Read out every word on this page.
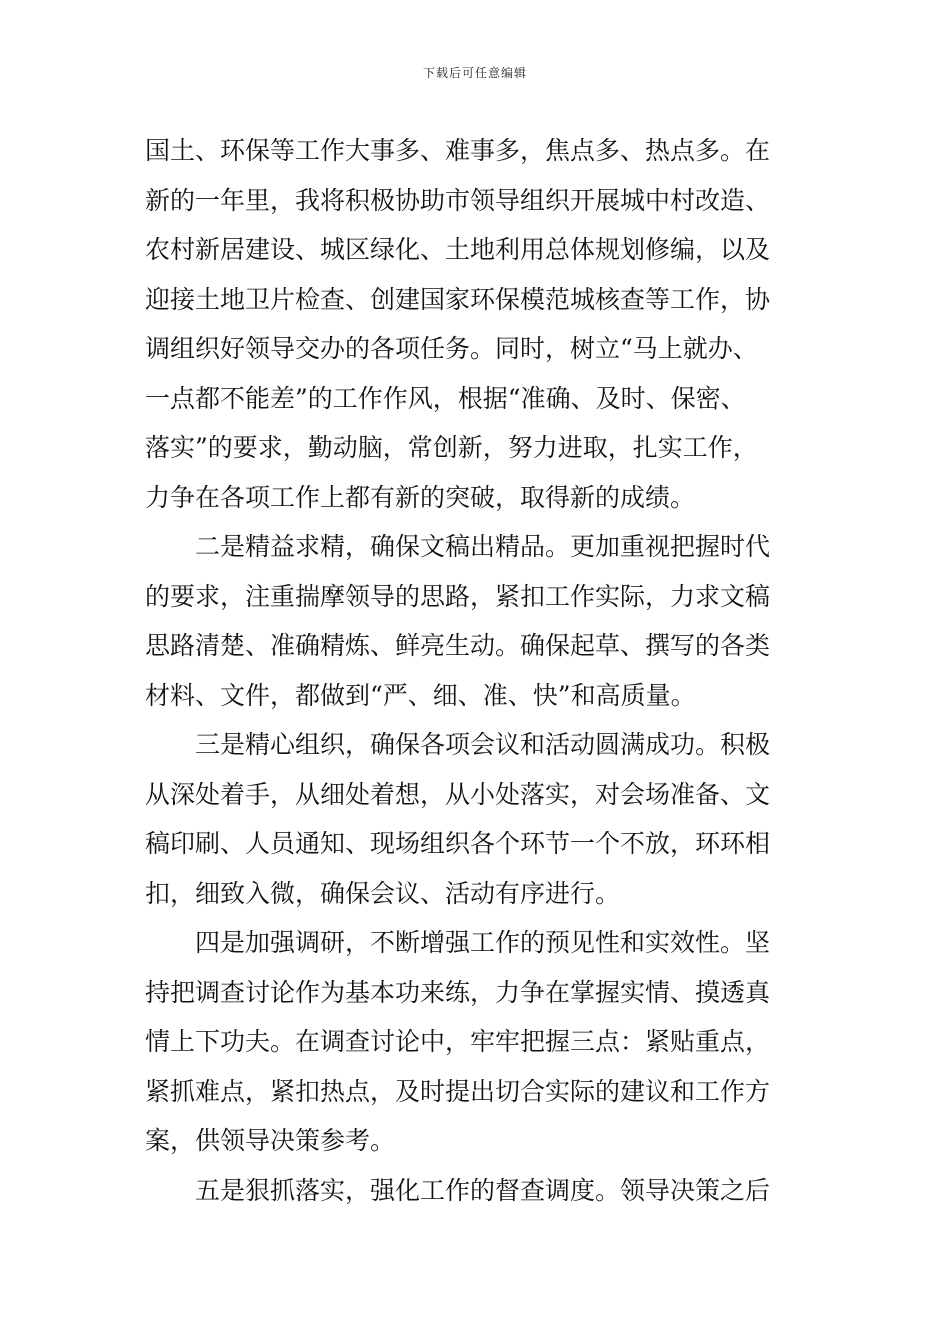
下载后可任意编辑
国土、环保等工作大事多、难事多，焦点多、热点多。在
新的一年里，我将积极协助市领导组织开展城中村改造、
农村新居建设、城区绿化、土地利用总体规划修编，以及
迎接土地卫片检查、创建国家环保模范城核查等工作，协
调组织好领导交办的各项任务。同时，树立“马上就办、
一点都不能差”的工作作风，根据“准确、及时、保密、
落实”的要求，勤动脑，常创新，努力进取，扎实工作，
力争在各项工作上都有新的突破，取得新的成绩。
二是精益求精，确保文稿出精品。更加重视把握时代
的要求，注重揣摩领导的思路，紧扣工作实际，力求文稿
思路清楚、准确精炼、鲜亮生动。确保起草、撰写的各类
材料、文件，都做到“严、细、准、快”和高质量。
三是精心组织，确保各项会议和活动圆满成功。积极
从深处着手，从细处着想，从小处落实，对会场准备、文
稿印刷、人员通知、现场组织各个环节一个不放，环环相
扣，细致入微，确保会议、活动有序进行。
四是加强调研，不断增强工作的预见性和实效性。坚
持把调查讨论作为基本功来练，力争在掌握实情、摸透真
情上下功夫。在调查讨论中，牢牢把握三点：紧贴重点，
紧抓难点，紧扣热点，及时提出切合实际的建议和工作方
案，供领导决策参考。
五是狠抓落实，强化工作的督查调度。领导决策之后
